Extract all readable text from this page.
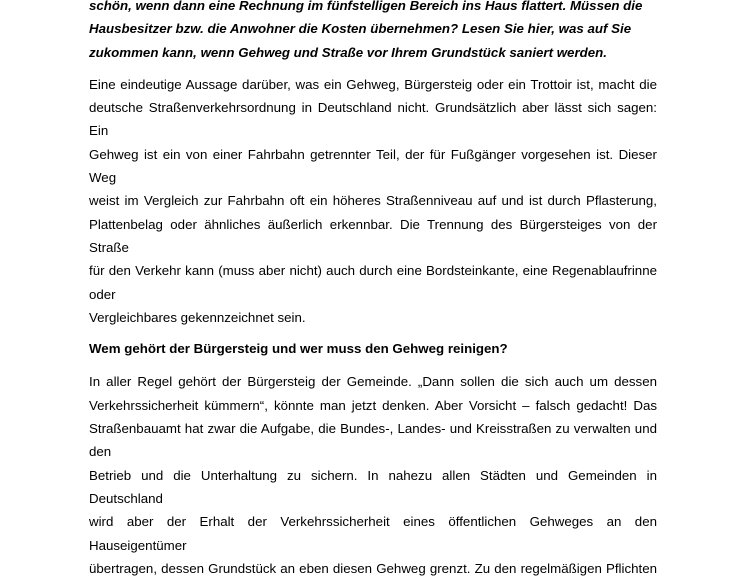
schön, wenn dann eine Rechnung im fünfstelligen Bereich ins Haus flattert. Müssen die
Hausbesitzer bzw. die Anwohner die Kosten übernehmen? Lesen Sie hier, was auf Sie
zukommen kann, wenn Gehweg und Straße vor Ihrem Grundstück saniert werden.

Eine eindeutige Aussage darüber, was ein Gehweg, Bürgersteig oder ein Trottoir ist, macht die
deutsche Straßenverkehrsordnung in Deutschland nicht. Grundsätzlich aber lässt sich sagen: Ein
Gehweg ist ein von einer Fahrbahn getrennter Teil, der für Fußgänger vorgesehen ist. Dieser Weg
weist im Vergleich zur Fahrbahn oft ein höheres Straßenniveau auf und ist durch Pflasterung,
Plattenbelag oder ähnliches äußerlich erkennbar. Die Trennung des Bürgersteiges von der Straße
für den Verkehr kann (muss aber nicht) auch durch eine Bordsteinkante, eine Regenablaufrinne oder
Vergleichbares gekennzeichnet sein.

Wem gehört der Bürgersteig und wer muss den Gehweg reinigen?

In aller Regel gehört der Bürgersteig der Gemeinde. „Dann sollen die sich auch um dessen
Verkehrssicherheit kümmern“, könnte man jetzt denken. Aber Vorsicht – falsch gedacht! Das
Straßenbauamt hat zwar die Aufgabe, die Bundes-, Landes- und Kreisstraßen zu verwalten und den
Betrieb und die Unterhaltung zu sichern. In nahezu allen Städten und Gemeinden in Deutschland
wird aber der Erhalt der Verkehrssicherheit eines öffentlichen Gehweges an den Hauseigentümer
übertragen, dessen Grundstück an eben diesen Gehweg grenzt. Zu den regelmäßigen Pflichten
